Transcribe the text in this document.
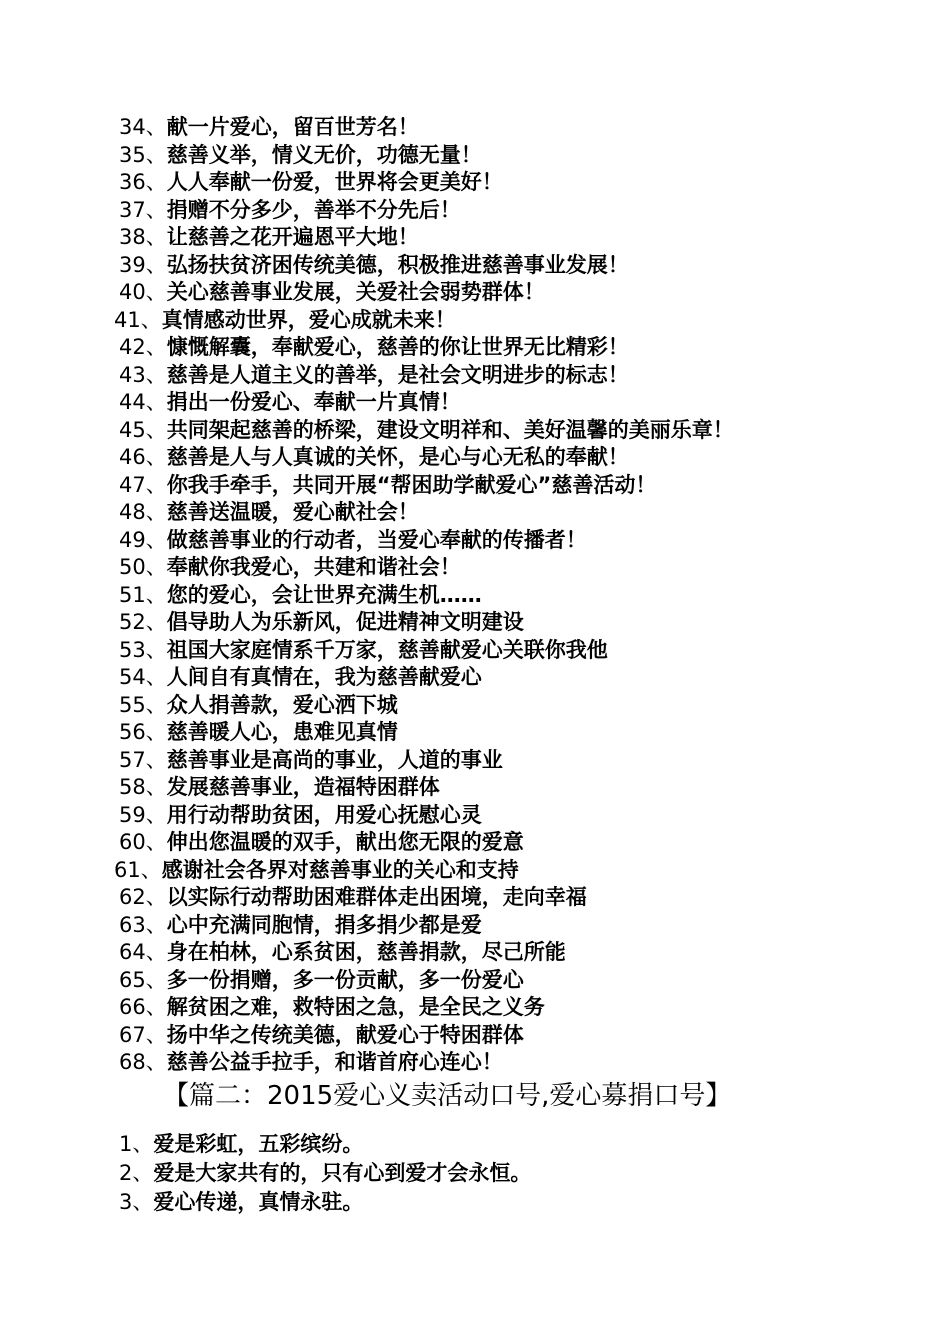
34、献一片爱心，留百世芳名！
35、慈善义举，情义无价，功德无量！
36、人人奉献一份爱，世界将会更美好！
37、捐赠不分多少，善举不分先后！
38、让慈善之花开遍恩平大地！
39、弘扬扶贫济困传统美德，积极推进慈善事业发展！
40、关心慈善事业发展，关爱社会弱势群体！
41、真情感动世界，爱心成就未来！
42、慷慨解囊，奉献爱心，慈善的你让世界无比精彩！
43、慈善是人道主义的善举，是社会文明进步的标志！
44、捐出一份爱心、奉献一片真情！
45、共同架起慈善的桥梁，建设文明祥和、美好温馨的美丽乐章！
46、慈善是人与人真诚的关怀，是心与心无私的奉献！
47、你我手牵手，共同开展“帮困助学献爱心”慈善活动！
48、慈善送温暖，爱心献社会！
49、做慈善事业的行动者，当爱心奉献的传播者！
50、奉献你我爱心，共建和谐社会！
51、您的爱心，会让世界充满生机……
52、倡导助人为乐新风，促进精神文明建设
53、祖国大家庭情系千万家，慈善献爱心关联你我他
54、人间自有真情在，我为慈善献爱心
55、众人捐善款，爱心洒下城
56、慈善暖人心，患难见真情
57、慈善事业是高尚的事业，人道的事业
58、发展慈善事业，造福特困群体
59、用行动帮助贫困，用爱心抚慰心灵
60、伸出您温暖的双手，献出您无限的爱意
61、感谢社会各界对慈善事业的关心和支持
62、以实际行动帮助困难群体走出困境，走向幸福
63、心中充满同胞情，捐多捐少都是爱
64、身在柏林，心系贫困，慈善捐款，尽己所能
65、多一份捐赠，多一份贡献，多一份爱心
66、解贫困之难，救特困之急，是全民之义务
67、扬中华之传统美德，献爱心于特困群体
68、慈善公益手拉手，和谐首府心连心！
【篇二：2015爱心义卖活动口号,爱心募捐口号】
1、爱是彩虹，五彩缤纷。
2、爱是大家共有的，只有心到爱才会永恒。
3、爱心传递，真情永驻。
